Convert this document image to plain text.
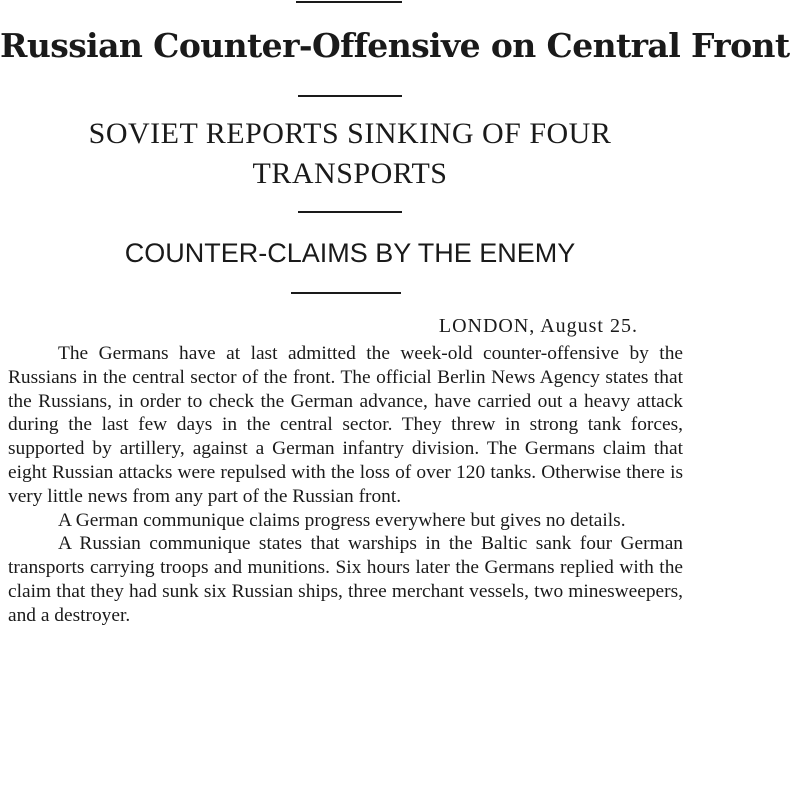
Russian Counter-Offensive on Central Front
SOVIET REPORTS SINKING OF FOUR TRANSPORTS
COUNTER-CLAIMS BY THE ENEMY
LONDON, August 25.

The Germans have at last admitted the week-old counter-offensive by the Russians in the central sector of the front. The official Berlin News Agency states that the Russians, in order to check the German advance, have carried out a heavy attack during the last few days in the central sector. They threw in strong tank forces, supported by artillery, against a German infantry division. The Germans claim that eight Russian attacks were repulsed with the loss of over 120 tanks. Otherwise there is very little news from any part of the Russian front.

A German communique claims progress everywhere but gives no details.

A Russian communique states that warships in the Baltic sank four German transports carrying troops and munitions. Six hours later the Germans replied with the claim that they had sunk six Russian ships, three merchant vessels, two minesweepers, and a destroyer.
